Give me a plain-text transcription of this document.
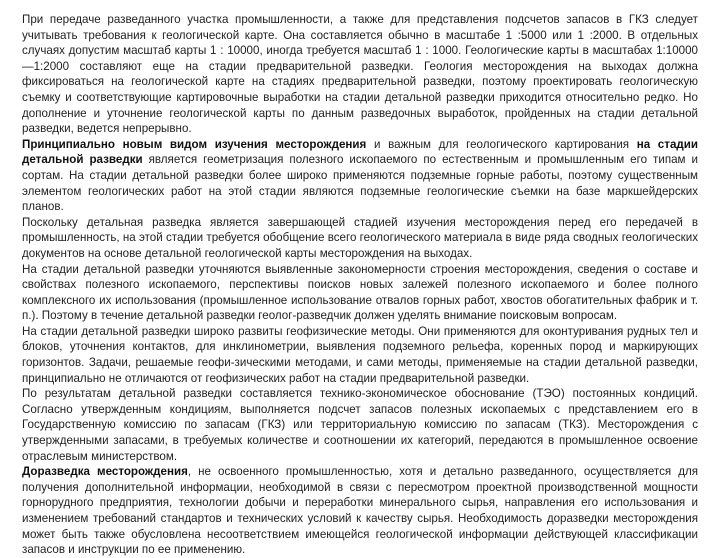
При передаче разведанного участка промышленности, а также для представления подсчетов запасов в ГКЗ следует учитывать требования к геологической карте. Она составляется обычно в масштабе 1 :5000 или 1 :2000. В отдельных случаях допустим масштаб карты 1 : 10000, иногда требуется масштаб 1 : 1000. Геологические карты в масштабах 1:10000—1:2000 составляют еще на стадии предварительной разведки. Геология месторождения на выходах должна фиксироваться на геологической карте на стадиях предварительной разведки, поэтому проектировать геологическую съемку и соответствующие картировочные выработки на стадии детальной разведки приходится относительно редко. Но дополнение и уточнение геологической карты по данным разведочных выработок, пройденных на стадии детальной разведки, ведется непрерывно.

Принципиально новым видом изучения месторождения и важным для геологического картирования на стадии детальной разведки является геометризация полезного ископаемого по естественным и промышленным его типам и сортам. На стадии детальной разведки более широко применяются подземные горные работы, поэтому существенным элементом геологических работ на этой стадии являются подземные геологические съемки на базе маркшейдерских планов.

Поскольку детальная разведка является завершающей стадией изучения месторождения перед его передачей в промышленность, на этой стадии требуется обобщение всего геологического материала в виде ряда сводных геологических документов на основе детальной геологической карты месторождения на выходах.

На стадии детальной разведки уточняются выявленные закономерности строения месторождения, сведения о составе и свойствах полезного ископаемого, перспективы поисков новых залежей полезного ископаемого и более полного комплексного их использования (промышленное использование отвалов горных работ, хвостов обогатительных фабрик и т. п.). Поэтому в течение детальной разведки геолог-разведчик должен уделять внимание поисковым вопросам.

На стадии детальной разведки широко развиты геофизические методы. Они применяются для оконтуривания рудных тел и блоков, уточнения контактов, для инклинометрии, выявления подземного рельефа, коренных пород и маркирующих горизонтов. Задачи, решаемые геофи-зическими методами, и сами методы, применяемые на стадии детальной разведки, принципиально не отличаются от геофизических работ на стадии предварительной разведки.

По результатам детальной разведки составляется технико-экономическое обоснование (ТЭО) постоянных кондиций. Согласно утвержденным кондициям, выполняется подсчет запасов полезных ископаемых с представлением его в Государственную комиссию по запасам (ГКЗ) или территориальную комиссию по запасам (ТКЗ). Месторождения с утвержденными запасами, в требуемых количестве и соотношении их категорий, передаются в промышленное освоение отраслевым министерством.

Доразведка месторождения, не освоенного промышленностью, хотя и детально разведанного, осуществляется для получения дополнительной информации, необходимой в связи с пересмотром проектной производственной мощности горнорудного предприятия, технологии добычи и переработки минерального сырья, направления его использования и изменением требований стандартов и технических условий к качеству сырья. Необходимость доразведки месторождения может быть также обусловлена несоответствием имеющейся геологической информации действующей классификации запасов и инструкции по ее применению.
